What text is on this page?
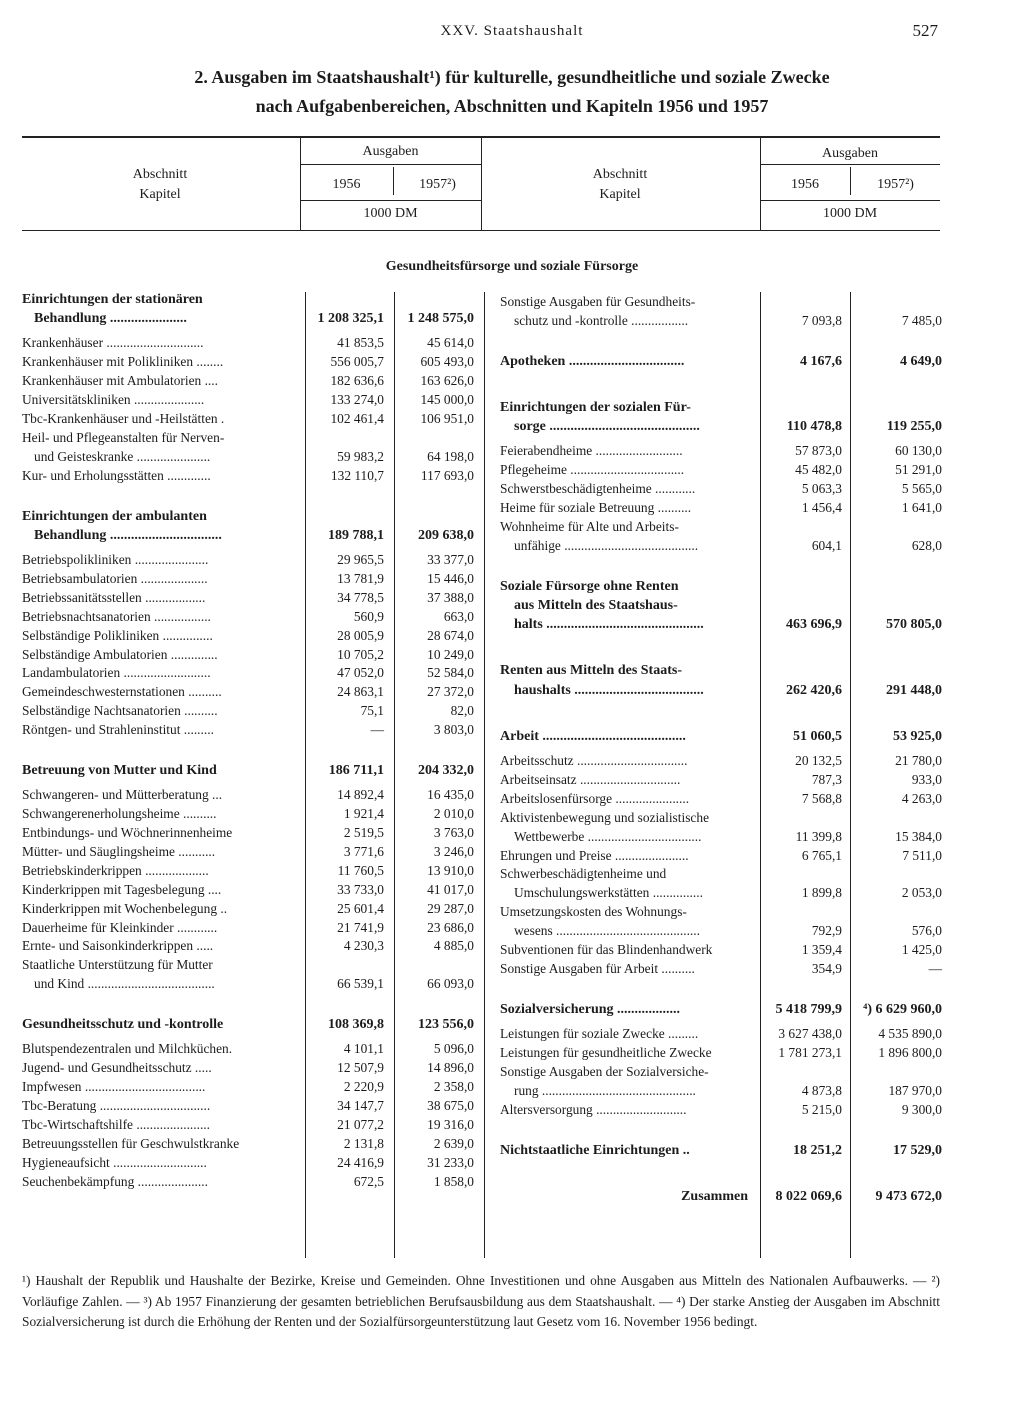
XXV. Staatshaushalt	527
2. Ausgaben im Staatshaushalt¹) für kulturelle, gesundheitliche und soziale Zwecke
nach Aufgabenbereichen, Abschnitten und Kapiteln 1956 und 1957
Abschnitt
Kapitel
Abschnitt
Kapitel
Ausgaben
1956	1957²)
1000 DM
Ausgaben
1956	1957²)
1000 DM
Gesundheitsfürsorge und soziale Fürsorge
Einrichtungen der stationären
Behandlung ......................	1 208 325,1	1 248 575,0
Krankenhäuser .............................	41 853,5	45 614,0
Krankenhäuser mit Polikliniken ........	556 005,7	605 493,0
Krankenhäuser mit Ambulatorien ....	182 636,6	163 626,0
Universitätskliniken .....................	133 274,0	145 000,0
Tbc-Krankenhäuser und -Heilstätten .	102 461,4	106 951,0
Heil- und Pflegeanstalten für Nerven-
und Geisteskranke ......................	59 983,2	64 198,0
Kur- und Erholungsstätten .............	132 110,7	117 693,0
Einrichtungen der ambulanten
Behandlung ................................	189 788,1	209 638,0
Betriebspolikliniken ......................	29 965,5	33 377,0
Betriebsambulatorien ....................	13 781,9	15 446,0
Betriebssanitätsstellen ..................	34 778,5	37 388,0
Betriebsnachtsanatorien .................	560,9	663,0
Selbständige Polikliniken ...............	28 005,9	28 674,0
Selbständige Ambulatorien ..............	10 705,2	10 249,0
Landambulatorien ..........................	47 052,0	52 584,0
Gemeindeschwesternstationen ..........	24 863,1	27 372,0
Selbständige Nachtsanatorien ..........	75,1	82,0
Röntgen- und Strahleninstitut .........	—	3 803,0
Betreuung von Mutter und Kind	186 711,1	204 332,0
Schwangeren- und Mütterberatung ...	14 892,4	16 435,0
Schwangerenerholungsheime ..........	1 921,4	2 010,0
Entbindungs- und Wöchnerinnenheime	2 519,5	3 763,0
Mütter- und Säuglingsheime ...........	3 771,6	3 246,0
Betriebskinderkrippen ...................	11 760,5	13 910,0
Kinderkrippen mit Tagesbelegung ....	33 733,0	41 017,0
Kinderkrippen mit Wochenbelegung ..	25 601,4	29 287,0
Dauerheime für Kleinkinder ............	21 741,9	23 686,0
Ernte- und Saisonkinderkrippen .....	4 230,3	4 885,0
Staatliche Unterstützung für Mutter
und Kind ......................................	66 539,1	66 093,0
Gesundheitsschutz und -kontrolle	108 369,8	123 556,0
Blutspendezentralen und Milchküchen.	4 101,1	5 096,0
Jugend- und Gesundheitsschutz .....	12 507,9	14 896,0
Impfwesen ....................................	2 220,9	2 358,0
Tbc-Beratung .................................	34 147,7	38 675,0
Tbc-Wirtschaftshilfe ......................	21 077,2	19 316,0
Betreuungsstellen für Geschwulstkranke	2 131,8	2 639,0
Hygieneaufsicht ............................	24 416,9	31 233,0
Seuchenbekämpfung .....................	672,5	1 858,0
Sonstige Ausgaben für Gesundheits-
schutz und -kontrolle .................	7 093,8	7 485,0
Apotheken .................................	4 167,6	4 649,0
Einrichtungen der sozialen Für-
sorge ...........................................	110 478,8	119 255,0
Feierabendheime ..........................	57 873,0	60 130,0
Pflegeheime ..................................	45 482,0	51 291,0
Schwerstbeschädigtenheime ............	5 063,3	5 565,0
Heime für soziale Betreuung ..........	1 456,4	1 641,0
Wohnheime für Alte und Arbeits-
unfähige ........................................	604,1	628,0
Soziale Fürsorge ohne Renten
aus Mitteln des Staatshaus-
halts .............................................	463 696,9	570 805,0
Renten aus Mitteln des Staats-
haushalts .....................................	262 420,6	291 448,0
Arbeit .........................................	51 060,5	53 925,0
Arbeitsschutz .................................	20 132,5	21 780,0
Arbeitseinsatz ..............................	787,3	933,0
Arbeitslosenfürsorge ......................	7 568,8	4 263,0
Aktivistenbewegung und sozialistische
Wettbewerbe ..................................	11 399,8	15 384,0
Ehrungen und Preise ......................	6 765,1	7 511,0
Schwerbeschädigtenheime und
Umschulungswerkstätten ...............	1 899,8	2 053,0
Umsetzungskosten des Wohnungs-
wesens ...........................................	792,9	576,0
Subventionen für das Blindenhandwerk	1 359,4	1 425,0
Sonstige Ausgaben für Arbeit ..........	354,9	—
Sozialversicherung ..................	5 418 799,9	⁴) 6 629 960,0
Leistungen für soziale Zwecke .........	3 627 438,0	4 535 890,0
Leistungen für gesundheitliche Zwecke	1 781 273,1	1 896 800,0
Sonstige Ausgaben der Sozialversiche-
rung ..............................................	4 873,8	187 970,0
Altersversorgung ...........................	5 215,0	9 300,0
Nichtstaatliche Einrichtungen ..	18 251,2	17 529,0
Zusammen	8 022 069,6	9 473 672,0
¹) Haushalt der Republik und Haushalte der Bezirke, Kreise und Gemeinden. Ohne Investitionen und ohne Ausgaben aus Mitteln des Nationalen Aufbauwerks. — ²) Vorläufige Zahlen. — ³) Ab 1957 Finanzierung der gesamten betrieblichen Berufsausbildung aus dem Staatshaushalt. — ⁴) Der starke Anstieg der Ausgaben im Abschnitt Sozialversicherung ist durch die Erhöhung der Renten und der Sozialfürsorgeunterstützung laut Gesetz vom 16. November 1956 bedingt.
